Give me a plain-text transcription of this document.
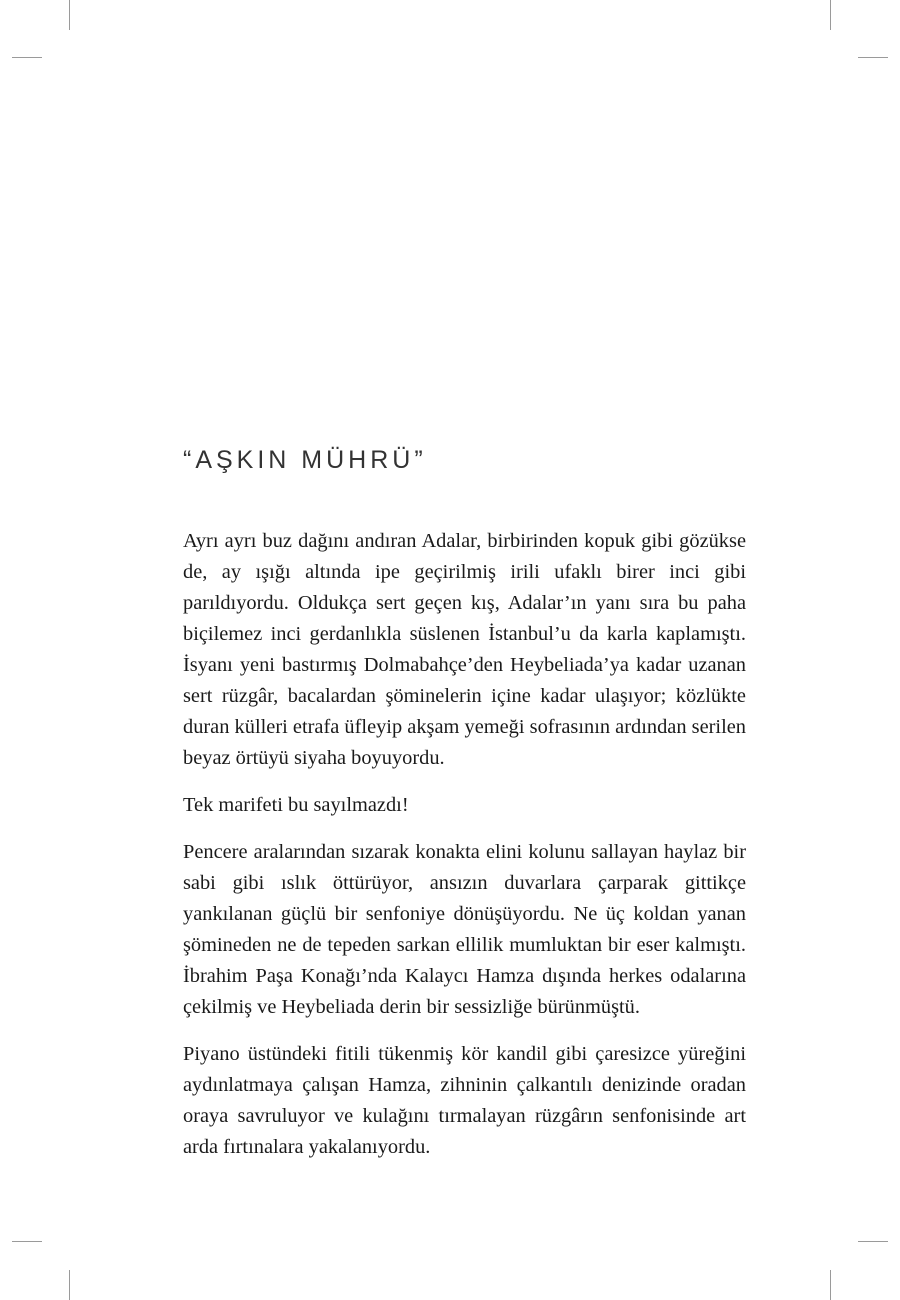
“AŞKIN MÜHRÜ”

Ayrı ayrı buz dağını andıran Adalar, birbirinden kopuk gibi gözükse de, ay ışığı altında ipe geçirilmiş irili ufaklı birer inci gibi parıldıyordu. Oldukça sert geçen kış, Adalar’ın yanı sıra bu paha biçilemez inci gerdanlıkla süslenen İstanbul’u da karla kaplamıştı. İsyanı yeni bastırmış Dolmabahçe’den Heybeliada’ya kadar uzanan sert rüzgâr, bacalardan şöminelerin içine kadar ulaşıyor; közlükte duran külleri etrafa üfleyip akşam yemeği sofrasının ardından serilen beyaz örtüyü siyaha boyuyordu.

Tek marifeti bu sayılmazdı!

Pencere aralarından sızarak konakta elini kolunu sallayan haylaz bir sabi gibi ıslık öttürüyor, ansızın duvarlara çarparak gittikçe yankılanan güçlü bir senfoniye dönüşüyordu. Ne üç koldan yanan şömineden ne de tepeden sarkan ellilik mumluktan bir eser kalmıştı. İbrahim Paşa Konağı’nda Kalaycı Hamza dışında herkes odalarına çekilmiş ve Heybeliada derin bir sessizliğe bürünmüştü.

Piyano üstündeki fitili tükenmiş kör kandil gibi çaresizce yüreğini aydınlatmaya çalışan Hamza, zihninin çalkantılı denizinde oradan oraya savruluyor ve kulağını tırmalayan rüzgârın senfonisinde art arda fırtınalara yakalanıyordu.
